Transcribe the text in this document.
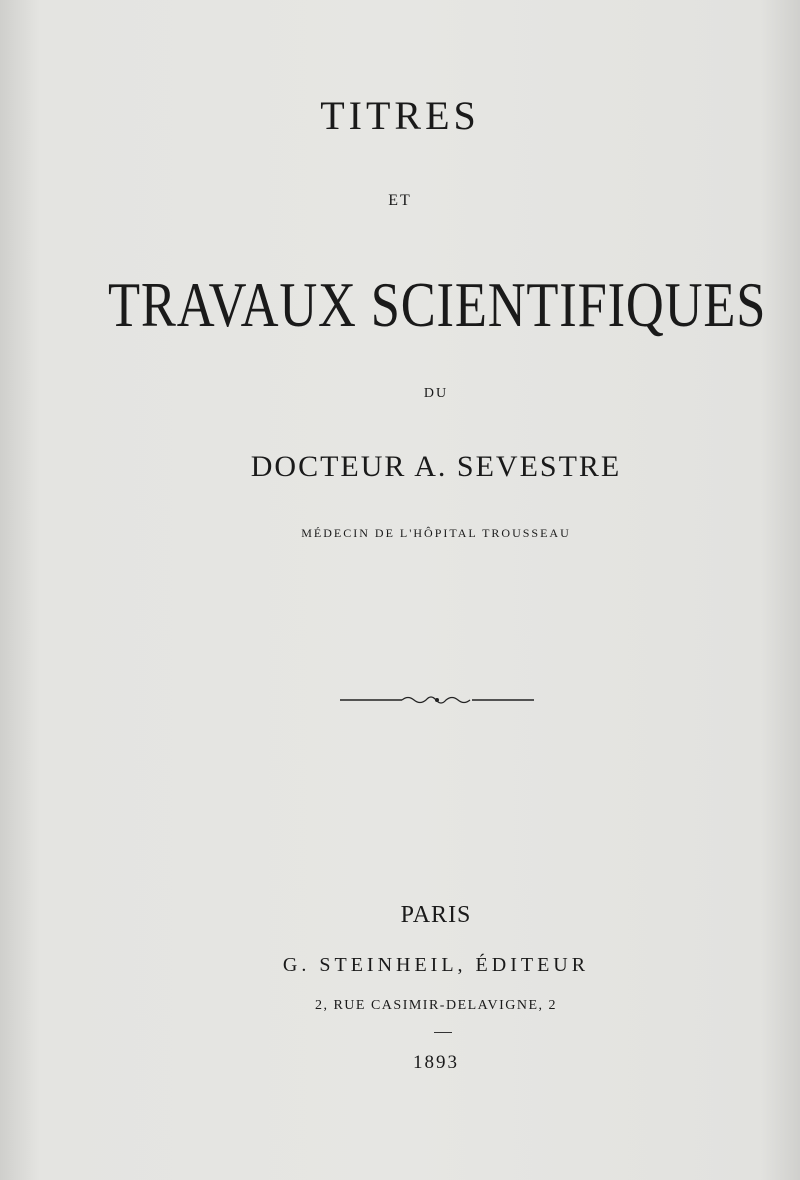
TITRES
ET
TRAVAUX SCIENTIFIQUES
DU
DOCTEUR A. SEVESTRE
MÉDECIN DE L'HÔPITAL TROUSSEAU
PARIS
G. STEINHEIL, ÉDITEUR
2, RUE CASIMIR-DELAVIGNE, 2
1893
